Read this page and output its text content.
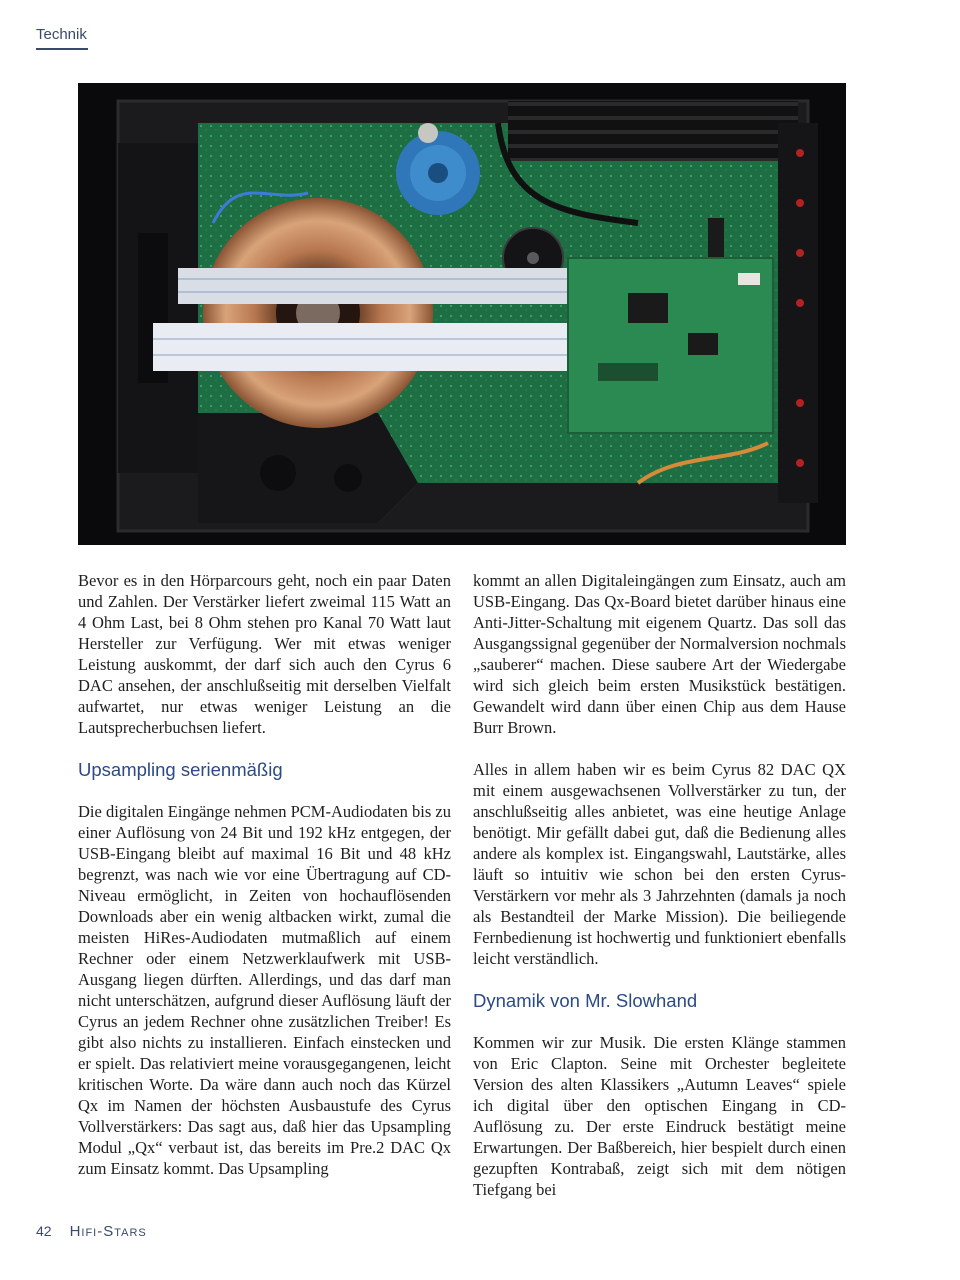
Technik

Bevor es in den Hörparcours geht, noch ein paar Daten und Zahlen. Der Verstärker liefert zweimal 115 Watt an 4 Ohm Last, bei 8 Ohm stehen pro Kanal 70 Watt laut Hersteller zur Verfügung. Wer mit etwas weniger Leistung auskommt, der darf sich auch den Cyrus 6 DAC ansehen, der anschlußseitig mit derselben Vielfalt aufwartet, nur etwas weniger Leistung an die Lautsprecherbuchsen liefert.

Upsampling serienmäßig

Die digitalen Eingänge nehmen PCM-Audiodaten bis zu einer Auflösung von 24 Bit und 192 kHz entgegen, der USB-Eingang bleibt auf maximal 16 Bit und 48 kHz begrenzt, was nach wie vor eine Übertragung auf CD-Niveau ermöglicht, in Zeiten von hochauflösenden Downloads aber ein wenig altbacken wirkt, zumal die meisten HiRes-Audiodaten mutmaßlich auf einem Rechner oder einem Netzwerklaufwerk mit USB-Ausgang liegen dürften. Allerdings, und das darf man nicht unterschätzen, aufgrund dieser Auflösung läuft der Cyrus an jedem Rechner ohne zusätzlichen Treiber! Es gibt also nichts zu installieren. Einfach einstecken und er spielt. Das relativiert meine vorausgegangenen, leicht kritischen Worte. Da wäre dann auch noch das Kürzel Qx im Namen der höchsten Ausbaustufe des Cyrus Vollverstärkers: Das sagt aus, daß hier das Upsampling Modul „Qx“ verbaut ist, das bereits im Pre.2 DAC Qx zum Einsatz kommt. Das Upsampling

kommt an allen Digitaleingängen zum Einsatz, auch am USB-Eingang. Das Qx-Board bietet darüber hinaus eine Anti-Jitter-Schaltung mit eigenem Quartz. Das soll das Ausgangssignal gegenüber der Normalversion nochmals „sauberer“ machen. Diese saubere Art der Wiedergabe wird sich gleich beim ersten Musikstück bestätigen. Gewandelt wird dann über einen Chip aus dem Hause Burr Brown.

Alles in allem haben wir es beim Cyrus 82 DAC QX mit einem ausgewachsenen Vollverstärker zu tun, der anschlußseitig alles anbietet, was eine heutige Anlage benötigt. Mir gefällt dabei gut, daß die Bedienung alles andere als komplex ist. Eingangswahl, Lautstärke, alles läuft so intuitiv wie schon bei den ersten Cyrus-Verstärkern vor mehr als 3 Jahrzehnten (damals ja noch als Bestandteil der Marke Mission). Die beiliegende Fernbedienung ist hochwertig und funktioniert ebenfalls leicht verständlich.

Dynamik von Mr. Slowhand

Kommen wir zur Musik. Die ersten Klänge stammen von Eric Clapton. Seine mit Orchester begleitete Version des alten Klassikers „Autumn Leaves“ spiele ich digital über den optischen Eingang in CD-Auflösung zu. Der erste Eindruck bestätigt meine Erwartungen. Der Baßbereich, hier bespielt durch einen gezupften Kontrabaß, zeigt sich mit dem nötigen Tiefgang bei

42 Hifi-Stars
